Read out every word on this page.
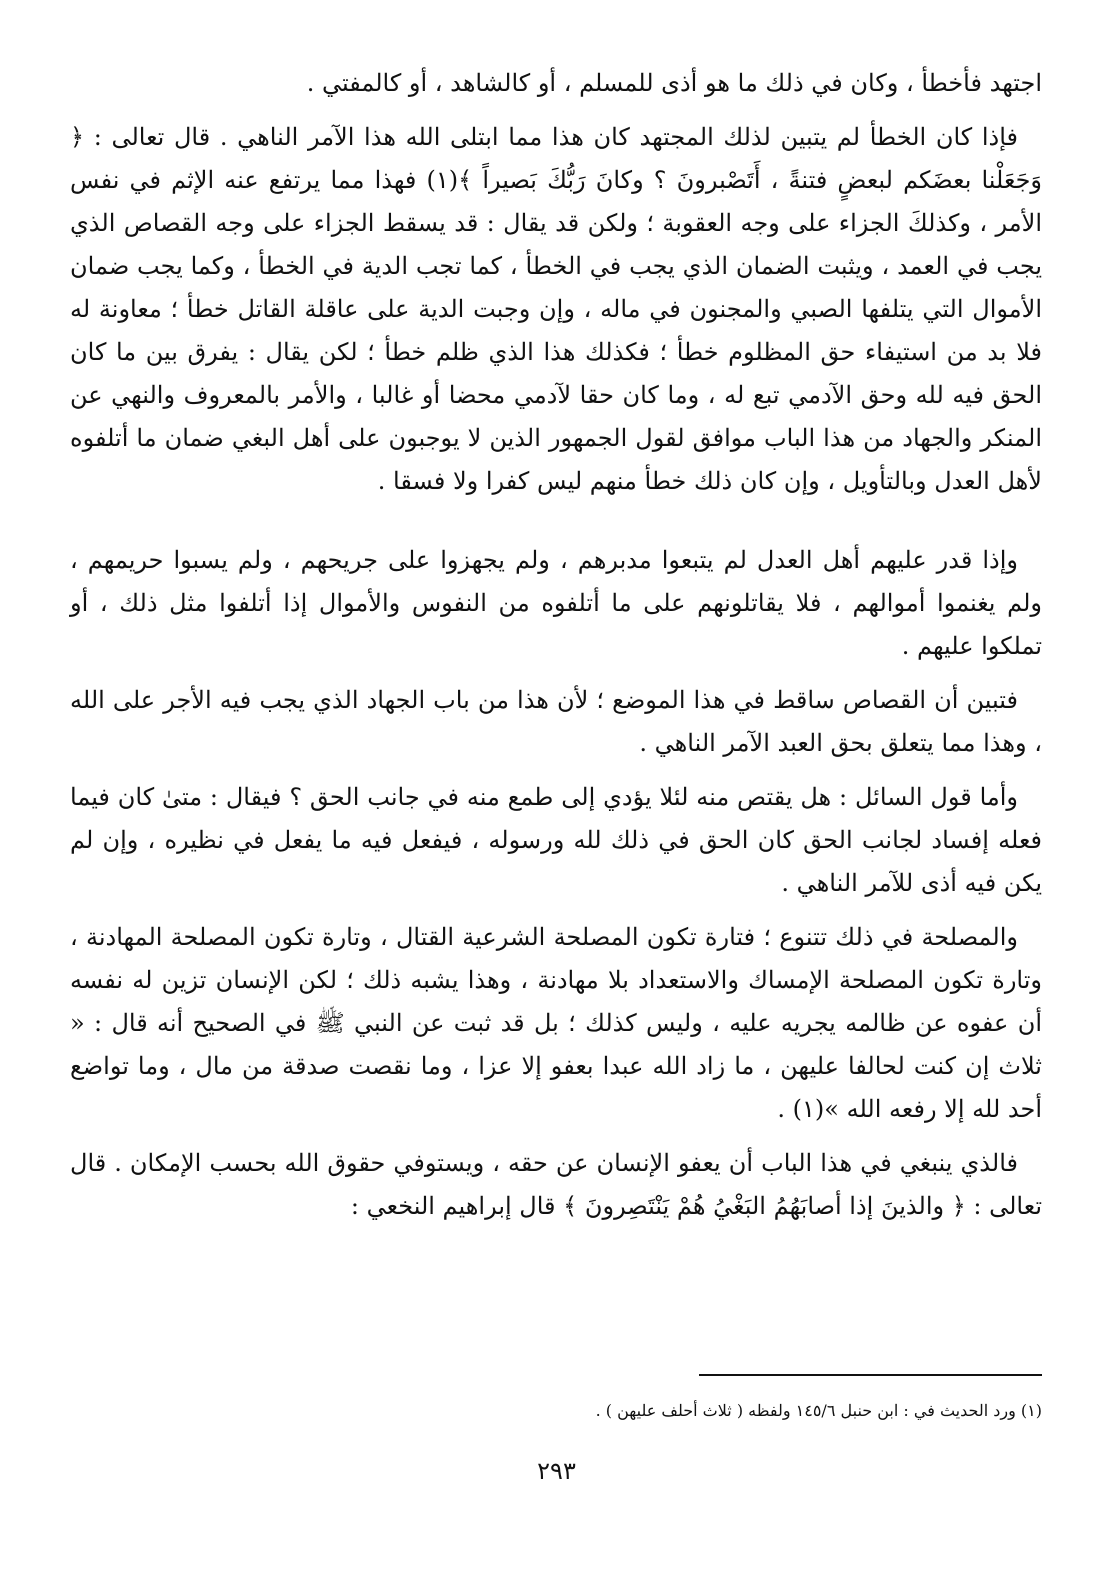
اجتهد فأخطأ ، وكان في ذلك ما هو أذى للمسلم ، أو كالشاهد ، أو كالمفتي .

فإذا كان الخطأ لم يتبين لذلك المجتهد كان هذا مما ابتلى الله هذا الآمر الناهي . قال تعالى : ﴿ وَجَعَلْنا بعضَكم لبعضٍ فتنةً ، أَتَصْبرونَ ؟ وكانَ رَبُّكَ بَصيراً ﴾(١) فهذا مما يرتفع عنه الإثم في نفس الأمر ، وكذلكَ الجزاء على وجه العقوبة ؛ ولكن قد يقال : قد يسقط الجزاء على وجه القصاص الذي يجب في العمد ، ويثبت الضمان الذي يجب في الخطأ ، كما تجب الدية في الخطأ ، وكما يجب ضمان الأموال التي يتلفها الصبي والمجنون في ماله ، وإن وجبت الدية على عاقلة القاتل خطأ ؛ معاونة له فلا بد من استيفاء حق المظلوم خطأ ؛ فكذلك هذا الذي ظلم خطأ ؛ لكن يقال : يفرق بين ما كان الحق فيه لله وحق الآدمي تبع له ، وما كان حقا لآدمي محضا أو غالبا ، والأمر بالمعروف والنهي عن المنكر والجهاد من هذا الباب موافق لقول الجمهور الذين لا يوجبون على أهل البغي ضمان ما أتلفوه لأهل العدل وبالتأويل ، وإن كان ذلك خطأ منهم ليس كفرا ولا فسقا .

وإذا قدر عليهم أهل العدل لم يتبعوا مدبرهم ، ولم يجهزوا على جريحهم ، ولم يسبوا حريمهم ، ولم يغنموا أموالهم ، فلا يقاتلونهم على ما أتلفوه من النفوس والأموال إذا أتلفوا مثل ذلك ، أو تملكوا عليهم .

فتبين أن القصاص ساقط في هذا الموضع ؛ لأن هذا من باب الجهاد الذي يجب فيه الأجر على الله ، وهذا مما يتعلق بحق العبد الآمر الناهي .

وأما قول السائل : هل يقتص منه لئلا يؤدي إلى طمع منه في جانب الحق ؟ فيقال : متىٰ كان فيما فعله إفساد لجانب الحق كان الحق في ذلك لله ورسوله ، فيفعل فيه ما يفعل في نظيره ، وإن لم يكن فيه أذى للآمر الناهي .

والمصلحة في ذلك تتنوع ؛ فتارة تكون المصلحة الشرعية القتال ، وتارة تكون المصلحة المهادنة ، وتارة تكون المصلحة الإمساك والاستعداد بلا مهادنة ، وهذا يشبه ذلك ؛ لكن الإنسان تزين له نفسه أن عفوه عن ظالمه يجريه عليه ، وليس كذلك ؛ بل قد ثبت عن النبي ﷺ في الصحيح أنه قال : « ثلاث إن كنت لحالفا عليهن ، ما زاد الله عبدا بعفو إلا عزا ، وما نقصت صدقة من مال ، وما تواضع أحد لله إلا رفعه الله »(١) .

فالذي ينبغي في هذا الباب أن يعفو الإنسان عن حقه ، ويستوفي حقوق الله بحسب الإمكان . قال تعالى : ﴿ والذينَ إذا أصابَهُمُ البَغْيُ هُمْ يَنْتَصِرونَ ﴾ قال إبراهيم النخعي :

(١) ورد الحديث في : ابن حنبل ١٤٥/٦ ولفظه ( ثلاث أحلف عليهن ) .
٢٩٣
